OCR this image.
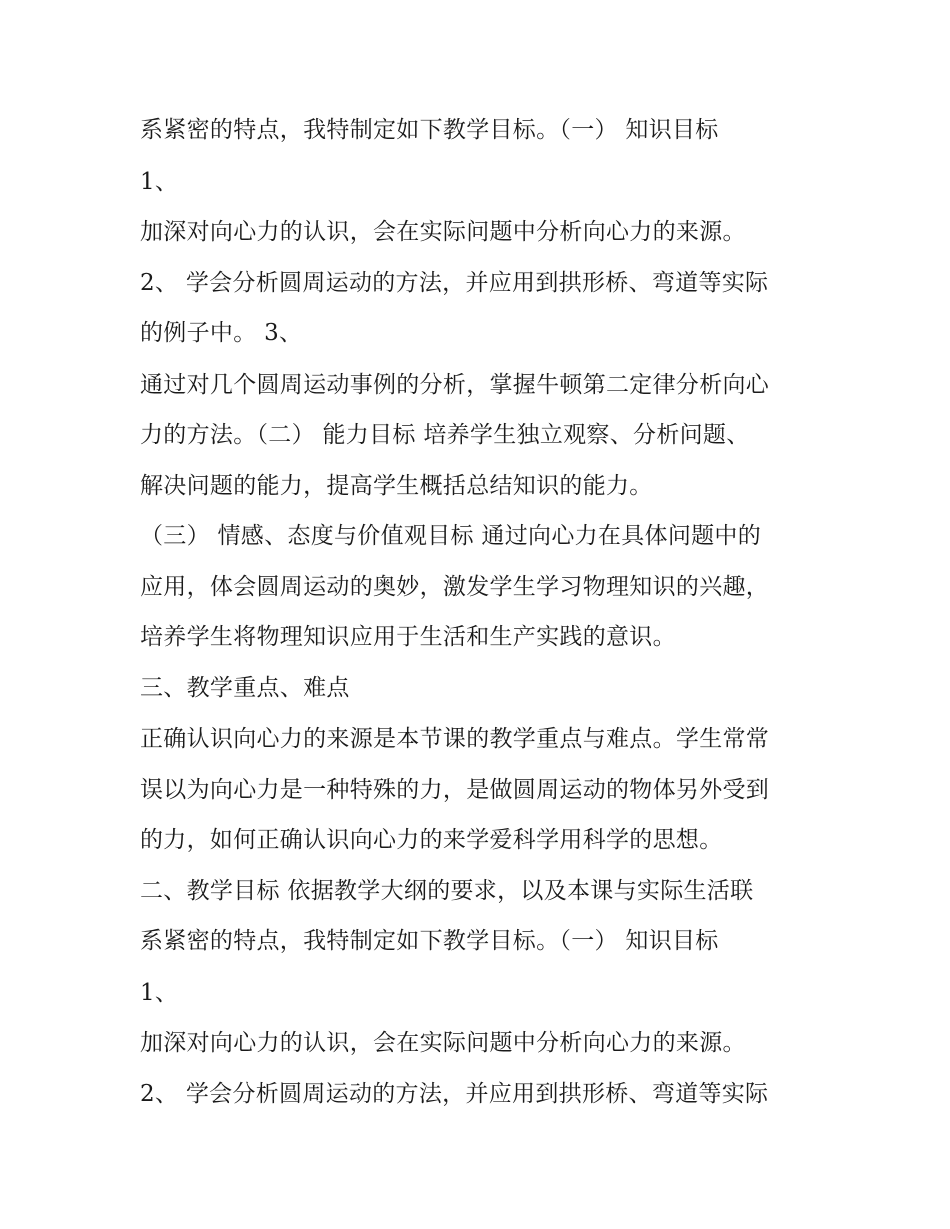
系紧密的特点，我特制定如下教学目标。（一） 知识目标
1、
加深对向心力的认识，会在实际问题中分析向心力的来源。
2、 学会分析圆周运动的方法，并应用到拱形桥、弯道等实际
的例子中。 3、
通过对几个圆周运动事例的分析，掌握牛顿第二定律分析向心
力的方法。（二） 能力目标 培养学生独立观察、分析问题、
解决问题的能力，提高学生概括总结知识的能力。
（三） 情感、态度与价值观目标 通过向心力在具体问题中的
应用，体会圆周运动的奥妙，激发学生学习物理知识的兴趣，
培养学生将物理知识应用于生活和生产实践的意识。
三、教学重点、难点
正确认识向心力的来源是本节课的教学重点与难点。学生常常
误以为向心力是一种特殊的力，是做圆周运动的物体另外受到
的力，如何正确认识向心力的来学爱科学用科学的思想。
二、教学目标 依据教学大纲的要求，以及本课与实际生活联
系紧密的特点，我特制定如下教学目标。（一） 知识目标
1、
加深对向心力的认识，会在实际问题中分析向心力的来源。
2、 学会分析圆周运动的方法，并应用到拱形桥、弯道等实际
